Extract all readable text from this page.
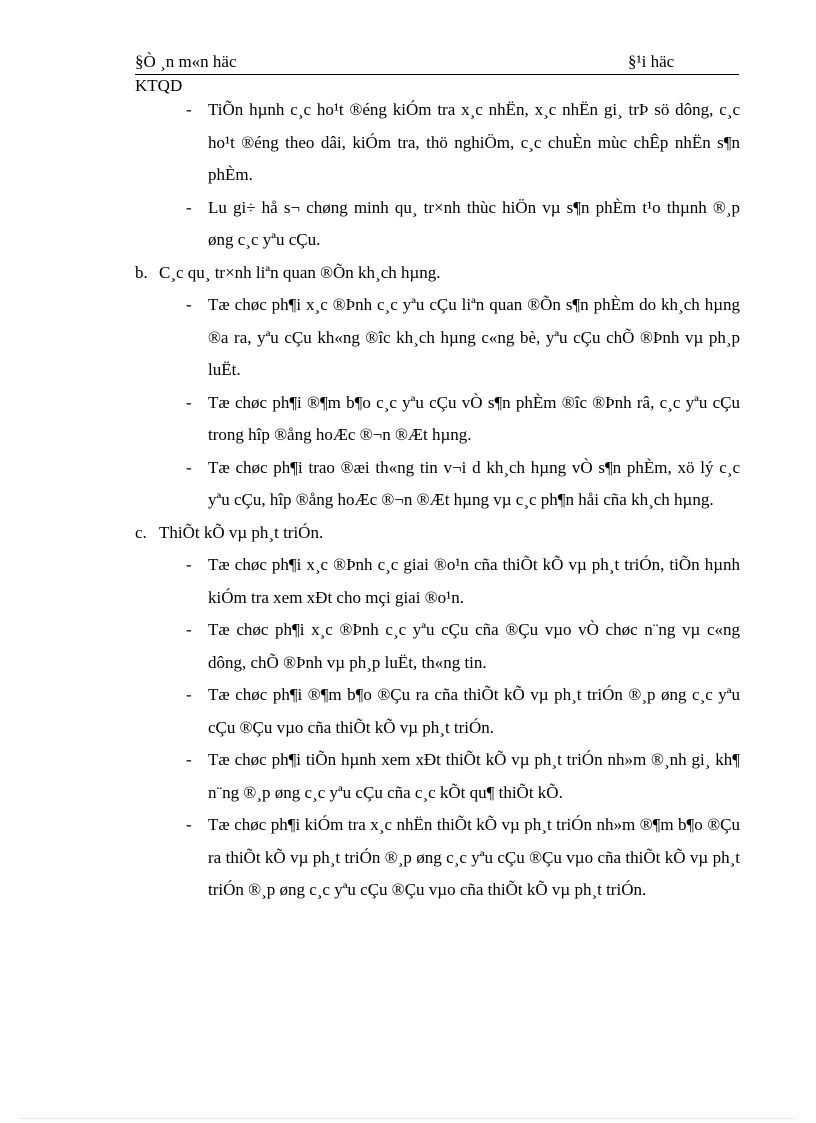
§Ò ¸n m«n häc	§¹i häc
KTQD
- TiÕn hµnh c¸c ho¹t ®éng kiÓm tra x¸c nhËn, x¸c nhËn gi¸ trÞ sö dông, c¸c ho¹t ®éng theo dâi, kiÓm tra, thö nghiÖm, c¸c chuÈn mùc chÊp nhËn s¶n phÈm.
- Lu gi÷ hå s¬ chøng minh qu¸ tr×nh thùc hiÖn vµ s¶n phÈm t¹o thµnh ®¸p øng c¸c yªu cÇu.
b. C¸c qu¸ tr×nh liªn quan ®Õn kh¸ch hµng.
- Tæ chøc ph¶i x¸c ®Þnh c¸c yªu cÇu liªn quan ®Õn s¶n phÈm do kh¸ch hµng ®a ra, yªu cÇu kh«ng ®îc kh¸ch hµng c«ng bè, yªu cÇu chÕ ®Þnh vµ ph¸p luËt.
- Tæ chøc ph¶i ®¶m b¶o c¸c yªu cÇu vÒ s¶n phÈm ®îc ®Þnh râ, c¸c yªu cÇu trong hîp ®ång hoÆc ®¬n ®Æt hµng.
- Tæ chøc ph¶i trao ®æi th«ng tin v¬i d kh¸ch hµng vÒ s¶n phÈm, xö lý c¸c yªu cÇu, hîp ®ång hoÆc ®¬n ®Æt hµng vµ c¸c ph¶n håi cña kh¸ch hµng.
c. ThiÕt kÕ vµ ph¸t triÓn.
- Tæ chøc ph¶i x¸c ®Þnh c¸c giai ®o¹n cña thiÕt kÕ vµ ph¸t triÓn, tiÕn hµnh kiÓm tra xem xÐt cho mçi giai ®o¹n.
- Tæ chøc ph¶i x¸c ®Þnh c¸c yªu cÇu cña ®Çu vµo vÒ chøc n¨ng vµ c«ng dông, chÕ ®Þnh vµ ph¸p luËt, th«ng tin.
- Tæ chøc ph¶i ®¶m b¶o ®Çu ra cña thiÕt kÕ vµ ph¸t triÓn ®¸p øng c¸c yªu cÇu ®Çu vµo cña thiÕt kÕ vµ ph¸t triÓn.
- Tæ chøc ph¶i tiÕn hµnh xem xÐt thiÕt kÕ vµ ph¸t triÓn nh»m ®¸nh gi¸ kh¶ n¨ng ®¸p øng c¸c yªu cÇu cña c¸c kÕt qu¶ thiÕt kÕ.
- Tæ chøc ph¶i kiÓm tra x¸c nhËn thiÕt kÕ vµ ph¸t triÓn nh»m ®¶m b¶o ®Çu ra thiÕt kÕ vµ ph¸t triÓn ®¸p øng c¸c yªu cÇu ®Çu vµo cña thiÕt kÕ vµ ph¸t triÓn ®¸p øng c¸c yªu cÇu ®Çu vµo cña thiÕt kÕ vµ ph¸t triÓn.
